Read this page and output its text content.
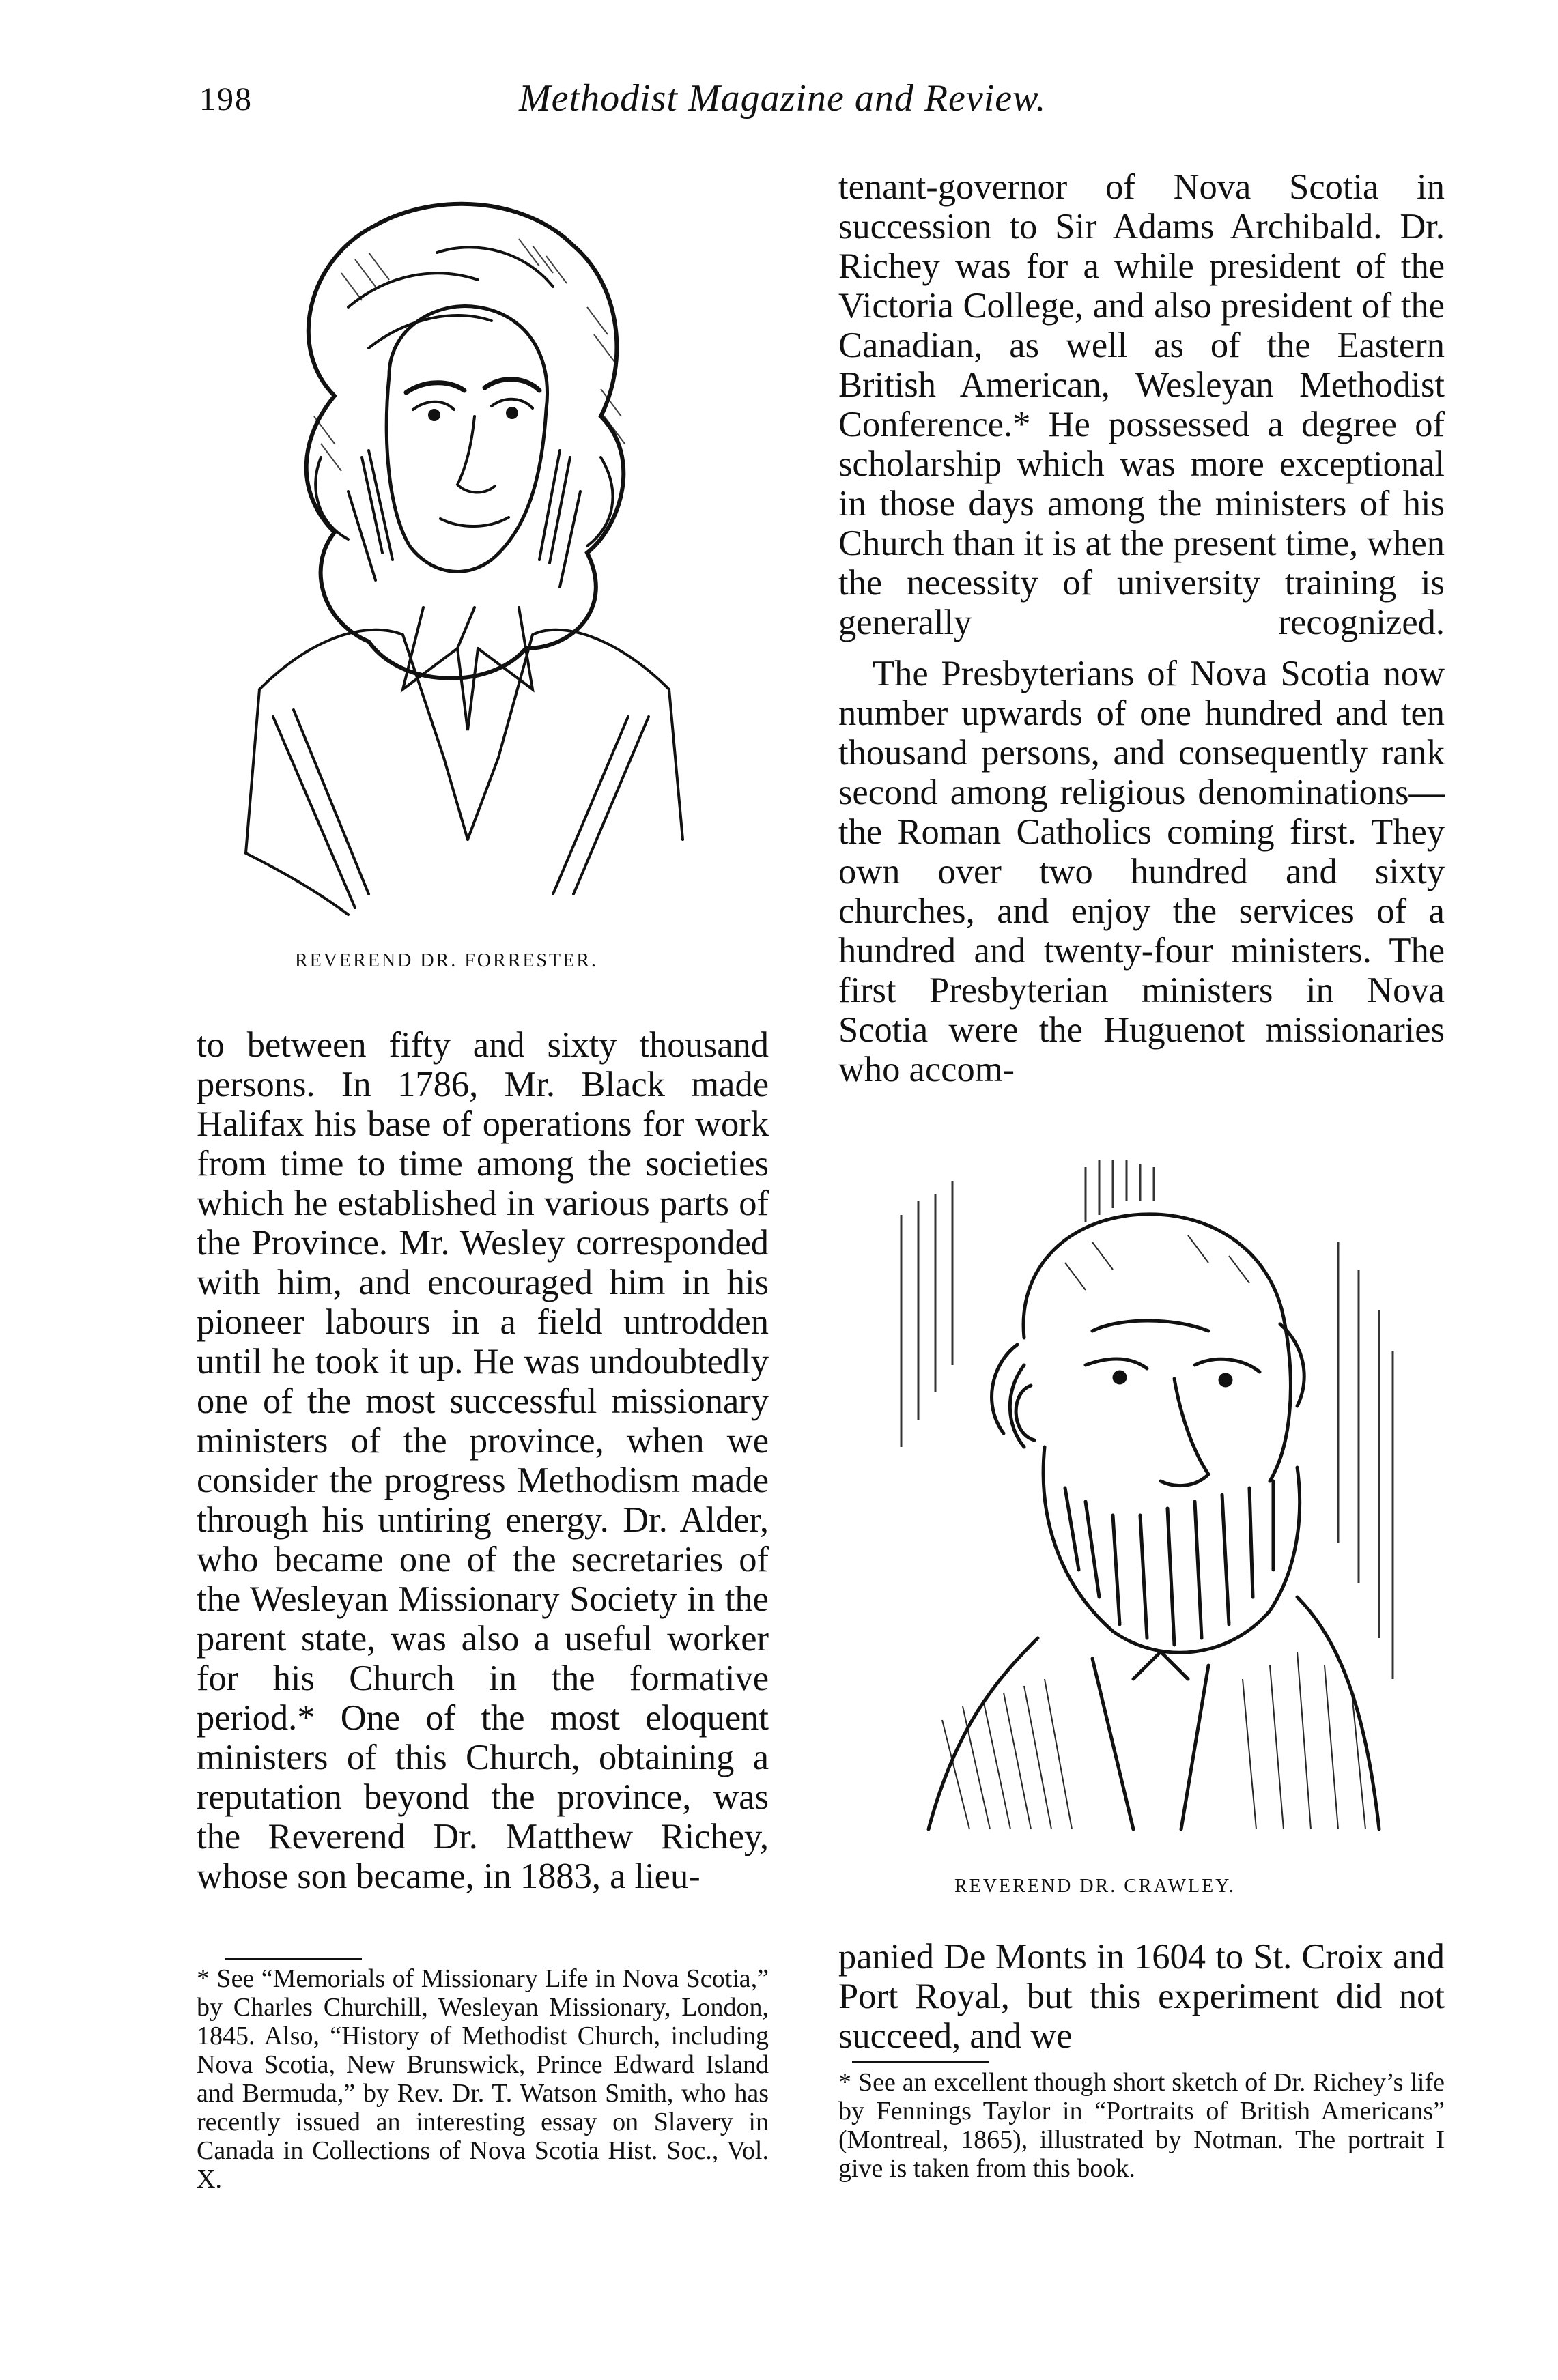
198	Methodist Magazine and Review.
REVEREND DR. FORRESTER.
to between fifty and sixty thousand persons. In 1786, Mr. Black made Halifax his base of operations for work from time to time among the societies which he established in various parts of the Province. Mr. Wesley corresponded with him, and encouraged him in his pioneer labours in a field untrodden until he took it up. He was undoubtedly one of the most successful missionary ministers of the province, when we consider the progress Methodism made through his untiring energy. Dr. Alder, who became one of the secretaries of the Wesleyan Missionary Society in the parent state, was also a useful worker for his Church in the formative period.* One of the most eloquent ministers of this Church, obtaining a reputation beyond the province, was the Reverend Dr. Matthew Richey, whose son became, in 1883, a lieu-
* See “Memorials of Missionary Life in Nova Scotia,” by Charles Churchill, Wesleyan Missionary, London, 1845. Also, “History of Methodist Church, including Nova Scotia, New Brunswick, Prince Edward Island and Bermuda,” by Rev. Dr. T. Watson Smith, who has recently issued an interesting essay on Slavery in Canada in Collections of Nova Scotia Hist. Soc., Vol. X.
tenant-governor of Nova Scotia in succession to Sir Adams Archibald. Dr. Richey was for a while president of the Victoria College, and also president of the Canadian, as well as of the Eastern British American, Wesleyan Methodist Conference.* He possessed a degree of scholarship which was more exceptional in those days among the ministers of his Church than it is at the present time, when the necessity of university training is generally recognized.
The Presbyterians of Nova Scotia now number upwards of one hundred and ten thousand persons, and consequently rank second among religious denominations—the Roman Catholics coming first. They own over two hundred and sixty churches, and enjoy the services of a hundred and twenty-four ministers. The first Presbyterian ministers in Nova Scotia were the Huguenot missionaries who accom-
REVEREND DR. CRAWLEY.
panied De Monts in 1604 to St. Croix and Port Royal, but this experiment did not succeed, and we
* See an excellent though short sketch of Dr. Richey’s life by Fennings Taylor in “Portraits of British Americans” (Montreal, 1865), illustrated by Notman. The portrait I give is taken from this book.
